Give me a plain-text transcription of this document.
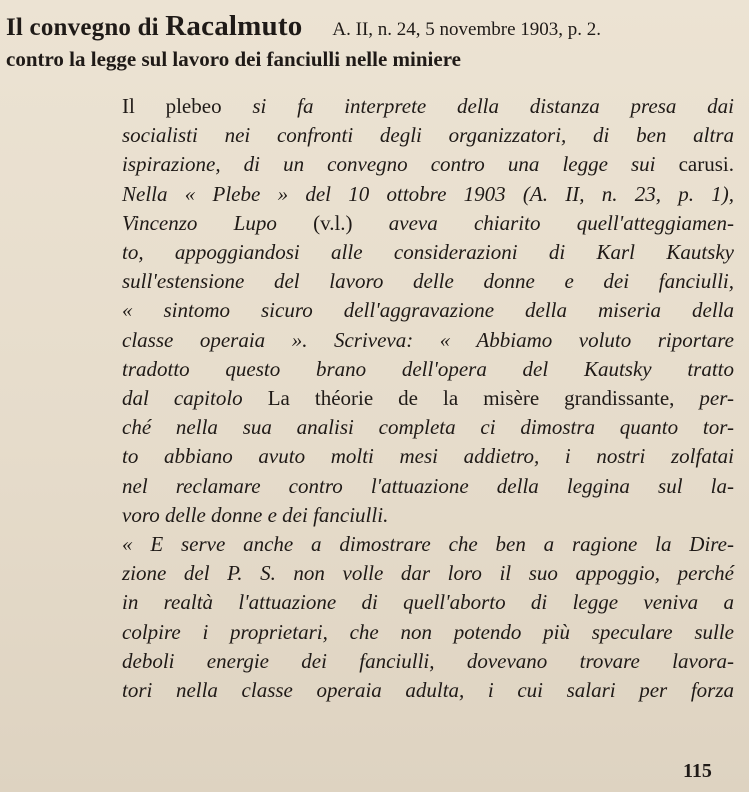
Il convegno di Racalmuto A. II, n. 24, 5 novembre 1903, p. 2.
contro la legge sul lavoro dei fanciulli nelle miniere
Il plebeo si fa interprete della distanza presa dai
socialisti nei confronti degli organizzatori, di ben altra
ispirazione, di un convegno contro una legge sui carusi.
Nella « Plebe » del 10 ottobre 1903 (A. II, n. 23, p. 1),
Vincenzo Lupo (v.l.) aveva chiarito quell'atteggiamen-
to, appoggiandosi alle considerazioni di Karl Kautsky
sull'estensione del lavoro delle donne e dei fanciulli,
« sintomo sicuro dell'aggravazione della miseria della
classe operaia ». Scriveva: « Abbiamo voluto riportare
tradotto questo brano dell'opera del Kautsky tratto
dal capitolo La théorie de la misère grandissante, per-
ché nella sua analisi completa ci dimostra quanto tor-
to abbiano avuto molti mesi addietro, i nostri zolfatai
nel reclamare contro l'attuazione della leggina sul la-
voro delle donne e dei fanciulli.
« E serve anche a dimostrare che ben a ragione la Dire-
zione del P. S. non volle dar loro il suo appoggio, perché
in realtà l'attuazione di quell'aborto di legge veniva a
colpire i proprietari, che non potendo più speculare sulle
deboli energie dei fanciulli, dovevano trovare lavora-
tori nella classe operaia adulta, i cui salari per forza
115
